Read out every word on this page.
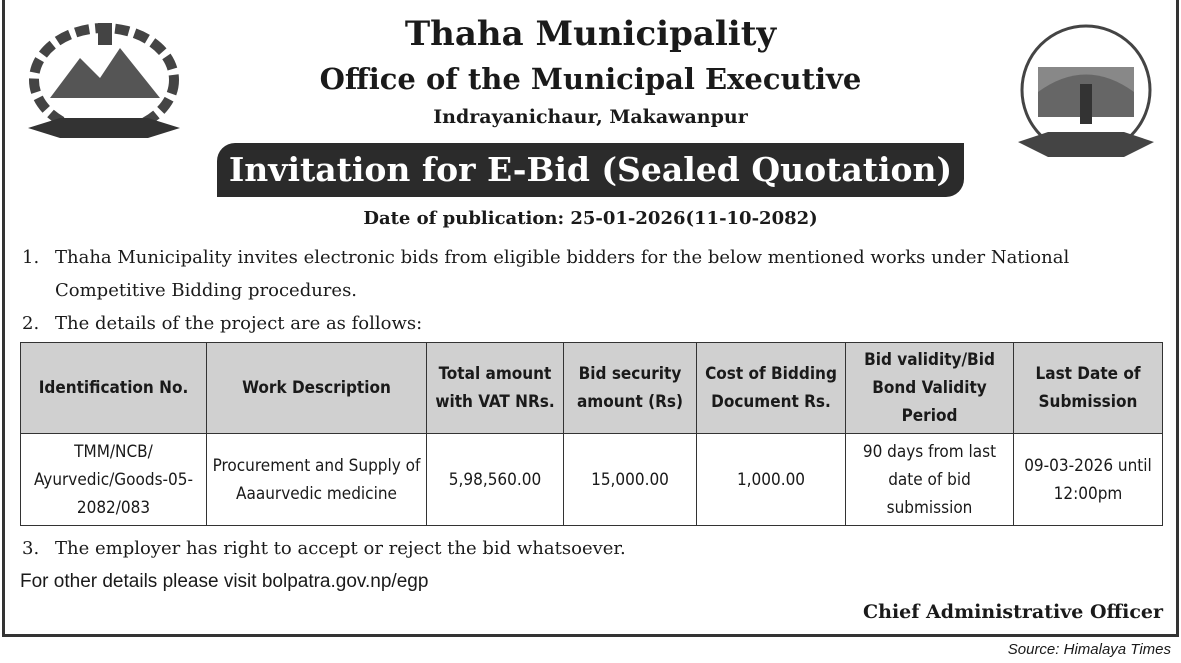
Thaha Municipality
Office of the Municipal Executive
Indrayanichaur, Makawanpur
Invitation for E-Bid (Sealed Quotation)
Date of publication: 25-01-2026(11-10-2082)
1. Thaha Municipality invites electronic bids from eligible bidders for the below mentioned works under National Competitive Bidding procedures.
2. The details of the project are as follows:
Identification No.	Work Description	Total amount with VAT NRs.	Bid security amount (Rs)	Cost of Bidding Document Rs.	Bid validity/Bid Bond Validity Period	Last Date of Submission
TMM/NCB/ Ayurvedic/Goods-05-2082/083	Procurement and Supply of Aaaurvedic medicine	5,98,560.00	15,000.00	1,000.00	90 days from last date of bid submission	09-03-2026 until 12:00pm
3. The employer has right to accept or reject the bid whatsoever.
For other details please visit bolpatra.gov.np/egp
Chief Administrative Officer
Source: Himalaya Times
